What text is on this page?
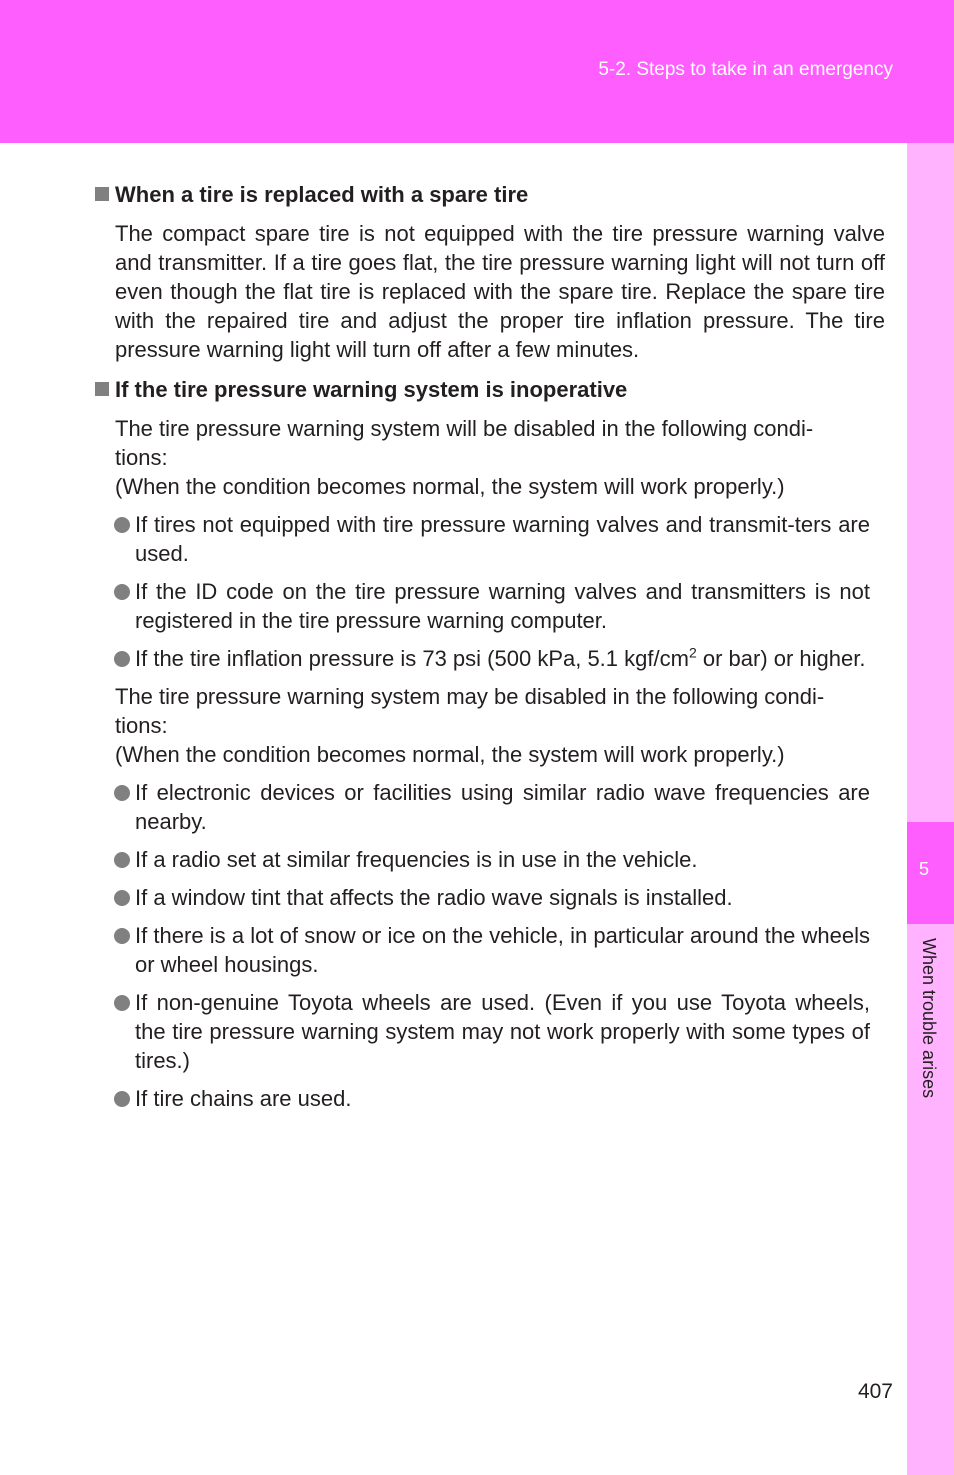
5-2. Steps to take in an emergency
5
When trouble arises
When a tire is replaced with a spare tire

The compact spare tire is not equipped with the tire pressure warning valve and transmitter. If a tire goes flat, the tire pressure warning light will not turn off even though the flat tire is replaced with the spare tire. Replace the spare tire with the repaired tire and adjust the proper tire inflation pressure. The tire pressure warning light will turn off after a few minutes.

If the tire pressure warning system is inoperative

The tire pressure warning system will be disabled in the following condi-
tions:
(When the condition becomes normal, the system will work properly.)

If tires not equipped with tire pressure warning valves and transmit-ters are used.
If the ID code on the tire pressure warning valves and transmitters is not registered in the tire pressure warning computer.
If the tire inflation pressure is 73 psi (500 kPa, 5.1 kgf/$cm^2$ or bar) or higher.

The tire pressure warning system may be disabled in the following condi-
tions:
(When the condition becomes normal, the system will work properly.)

If electronic devices or facilities using similar radio wave frequencies are nearby.
If a radio set at similar frequencies is in use in the vehicle.
If a window tint that affects the radio wave signals is installed.
If there is a lot of snow or ice on the vehicle, in particular around the wheels or wheel housings.
If non-genuine Toyota wheels are used. (Even if you use Toyota wheels, the tire pressure warning system may not work properly with some types of tires.)
If tire chains are used.
407
